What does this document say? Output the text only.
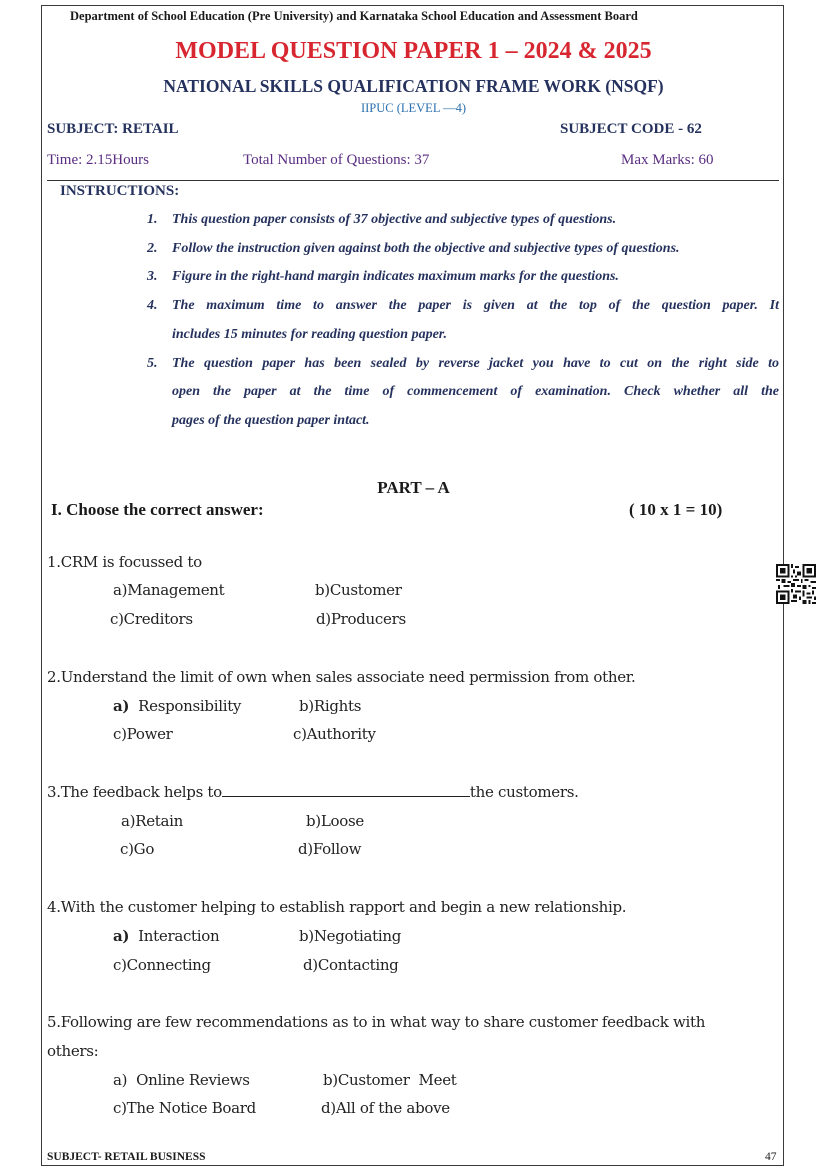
Department of School Education (Pre University) and Karnataka School Education and Assessment Board
MODEL QUESTION PAPER 1 – 2024 & 2025
NATIONAL SKILLS QUALIFICATION FRAME WORK (NSQF)
IIPUC (LEVEL —4)
SUBJECT: RETAIL	SUBJECT CODE - 62
Time: 2.15Hours	Total Number of Questions: 37	Max Marks: 60
INSTRUCTIONS:
1. This question paper consists of 37 objective and subjective types of questions.
2. Follow the instruction given against both the objective and subjective types of questions.
3. Figure in the right-hand margin indicates maximum marks for the questions.
4. The maximum time to answer the paper is given at the top of the question paper. It
includes 15 minutes for reading question paper.
5. The question paper has been sealed by reverse jacket you have to cut on the right side to
open the paper at the time of commencement of examination. Check whether all the
pages of the question paper intact.
PART – A
I. Choose the correct answer:	( 10 x 1 = 10)
1.CRM is focussed to
a)Management	b)Customer
c)Creditors	d)Producers
2.Understand the limit of own when sales associate need permission from other.
a) Responsibility	b)Rights
c)Power	c)Authority
3.The feedback helps to	the customers.
a)Retain	b)Loose
c)Go	d)Follow
4.With the customer helping to establish rapport and begin a new relationship.
a) Interaction	b)Negotiating
c)Connecting	d)Contacting
5.Following are few recommendations as to in what way to share customer feedback with
others:
a)  Online Reviews	b)Customer  Meet
c)The Notice Board	d)All of the above
SUBJECT- RETAIL BUSINESS	47
